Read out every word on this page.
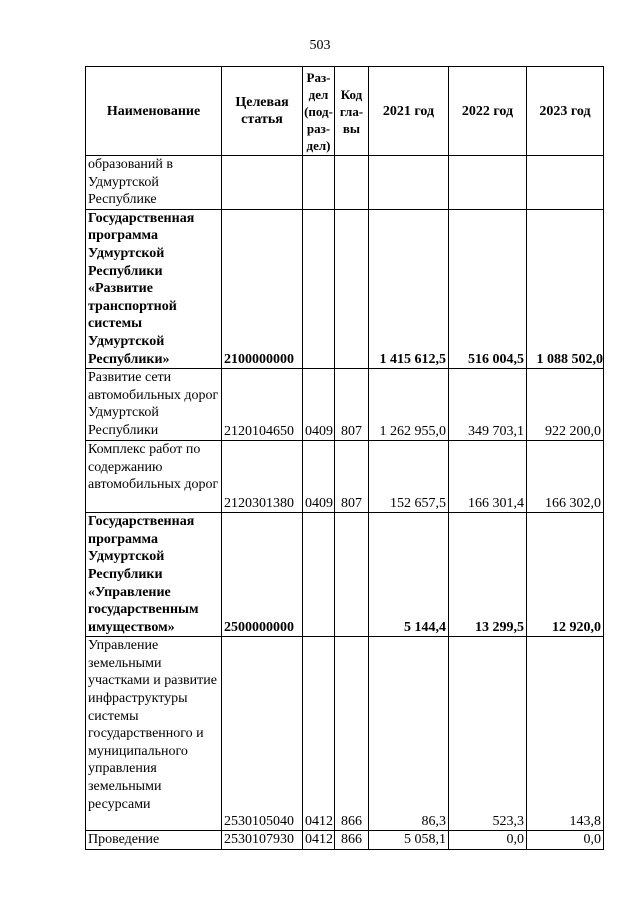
503
Наименование	Целевая статья	Раз-дел (под-раз-дел)	Код гла-вы	2021 год	2022 год	2023 год
образований в Удмуртской Республике						
Государственная программа Удмуртской Республики «Развитие транспортной системы Удмуртской Республики»	2100000000			1 415 612,5	516 004,5	1 088 502,0
Развитие сети автомобильных дорог Удмуртской Республики	2120104650	0409	807	1 262 955,0	349 703,1	922 200,0
Комплекс работ по содержанию автомобильных дорог	2120301380	0409	807	152 657,5	166 301,4	166 302,0
Государственная программа Удмуртской Республики «Управление государственным имуществом»	2500000000			5 144,4	13 299,5	12 920,0
Управление земельными участками и развитие инфраструктуры системы государственного и муниципального управления земельными ресурсами	2530105040	0412	866	86,3	523,3	143,8
Проведение	2530107930	0412	866	5 058,1	0,0	0,0
